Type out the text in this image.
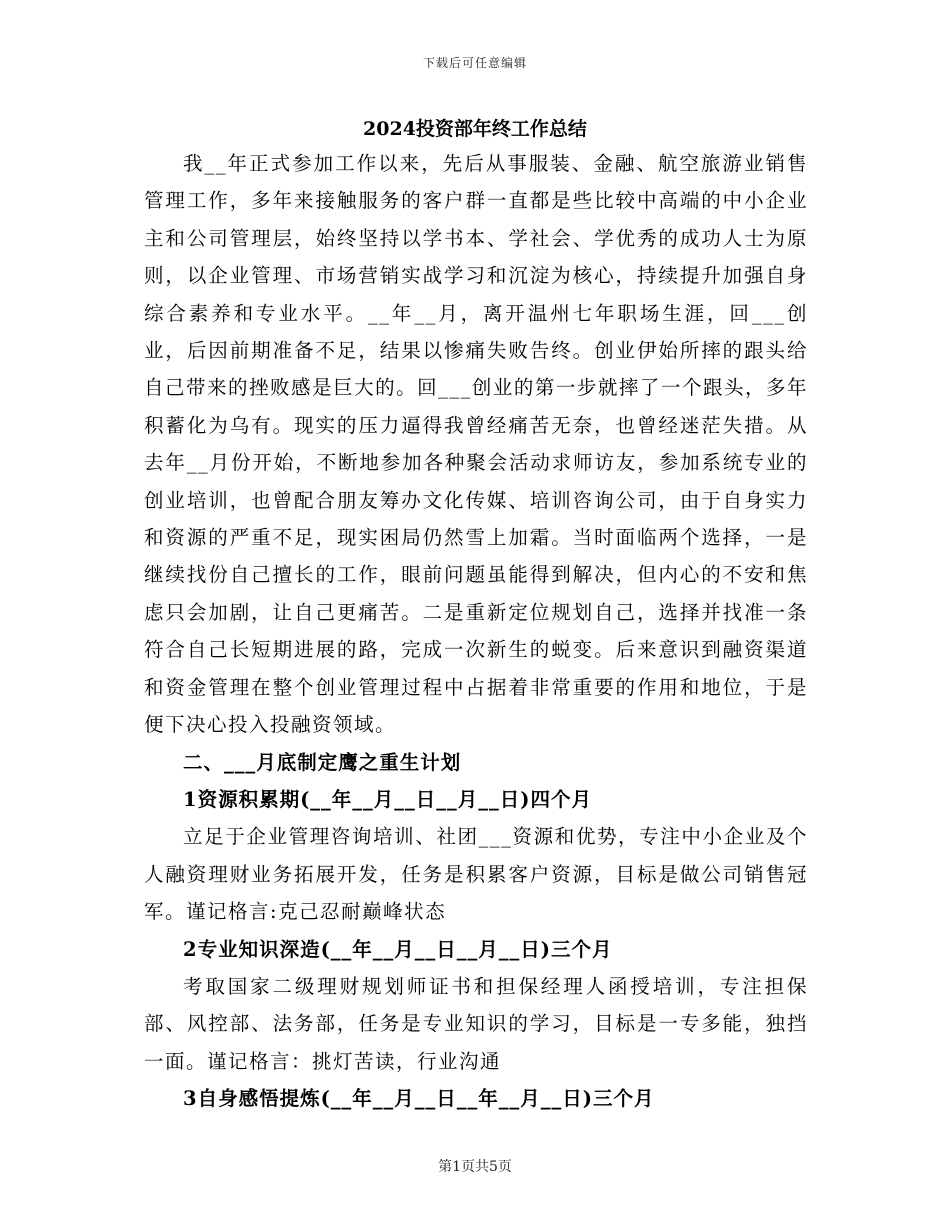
下载后可任意编辑
2024投资部年终工作总结

我__年正式参加工作以来，先后从事服装、金融、航空旅游业销售管理工作，多年来接触服务的客户群一直都是些比较中高端的中小企业主和公司管理层，始终坚持以学书本、学社会、学优秀的成功人士为原则，以企业管理、市场营销实战学习和沉淀为核心，持续提升加强自身综合素养和专业水平。__年__月，离开温州七年职场生涯，回___创业，后因前期准备不足，结果以惨痛失败告终。创业伊始所摔的跟头给自己带来的挫败感是巨大的。回___创业的第一步就摔了一个跟头，多年积蓄化为乌有。现实的压力逼得我曾经痛苦无奈，也曾经迷茫失措。从去年__月份开始，不断地参加各种聚会活动求师访友，参加系统专业的创业培训，也曾配合朋友筹办文化传媒、培训咨询公司，由于自身实力和资源的严重不足，现实困局仍然雪上加霜。当时面临两个选择，一是继续找份自己擅长的工作，眼前问题虽能得到解决，但内心的不安和焦虑只会加剧，让自己更痛苦。二是重新定位规划自己，选择并找准一条符合自己长短期进展的路，完成一次新生的蜕变。后来意识到融资渠道和资金管理在整个创业管理过程中占据着非常重要的作用和地位，于是便下决心投入投融资领域。

二、___月底制定鹰之重生计划

1资源积累期(__年__月__日__月__日)四个月

立足于企业管理咨询培训、社团___资源和优势，专注中小企业及个人融资理财业务拓展开发，任务是积累客户资源，目标是做公司销售冠军。谨记格言:克己忍耐巅峰状态

2专业知识深造(__年__月__日__月__日)三个月

考取国家二级理财规划师证书和担保经理人函授培训，专注担保部、风控部、法务部，任务是专业知识的学习，目标是一专多能，独挡一面。谨记格言：挑灯苦读，行业沟通

3自身感悟提炼(__年__月__日__年__月__日)三个月

第1页共5页
